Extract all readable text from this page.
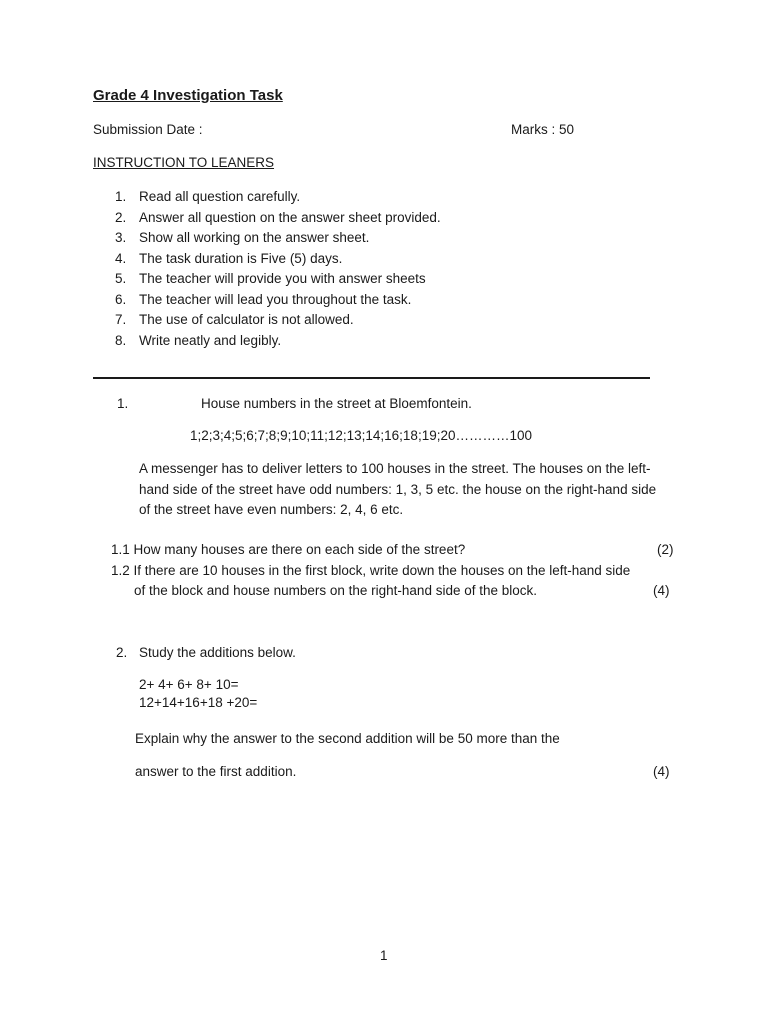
Grade 4 Investigation Task
Submission Date :	Marks : 50
INSTRUCTION TO LEANERS
1. Read all question carefully.
2. Answer all question on the answer sheet provided.
3. Show all working on the answer sheet.
4. The task duration is Five (5) days.
5. The teacher will provide you with answer sheets
6. The teacher will lead you throughout the task.
7. The use of calculator is not allowed.
8. Write neatly and legibly.
1.	House numbers in the street at Bloemfontein.
1;2;3;4;5;6;7;8;9;10;11;12;13;14;16;18;19;20…………100
A messenger has to deliver letters to 100 houses in the street. The houses on the left-hand side of the street have odd numbers: 1, 3, 5 etc. the house on the right-hand side of the street have even numbers: 2, 4, 6 etc.
1.1 How many houses are there on each side of the street?	(2)
1.2 If there are 10 houses in the first block, write down the houses on the left-hand side
of the block and house numbers on the right-hand side of the block.	(4)
2. Study the additions below.
2+ 4+ 6+ 8+ 10=
12+14+16+18 +20=
Explain why the answer to the second addition will be 50 more than the
answer to the first addition.	(4)
1
